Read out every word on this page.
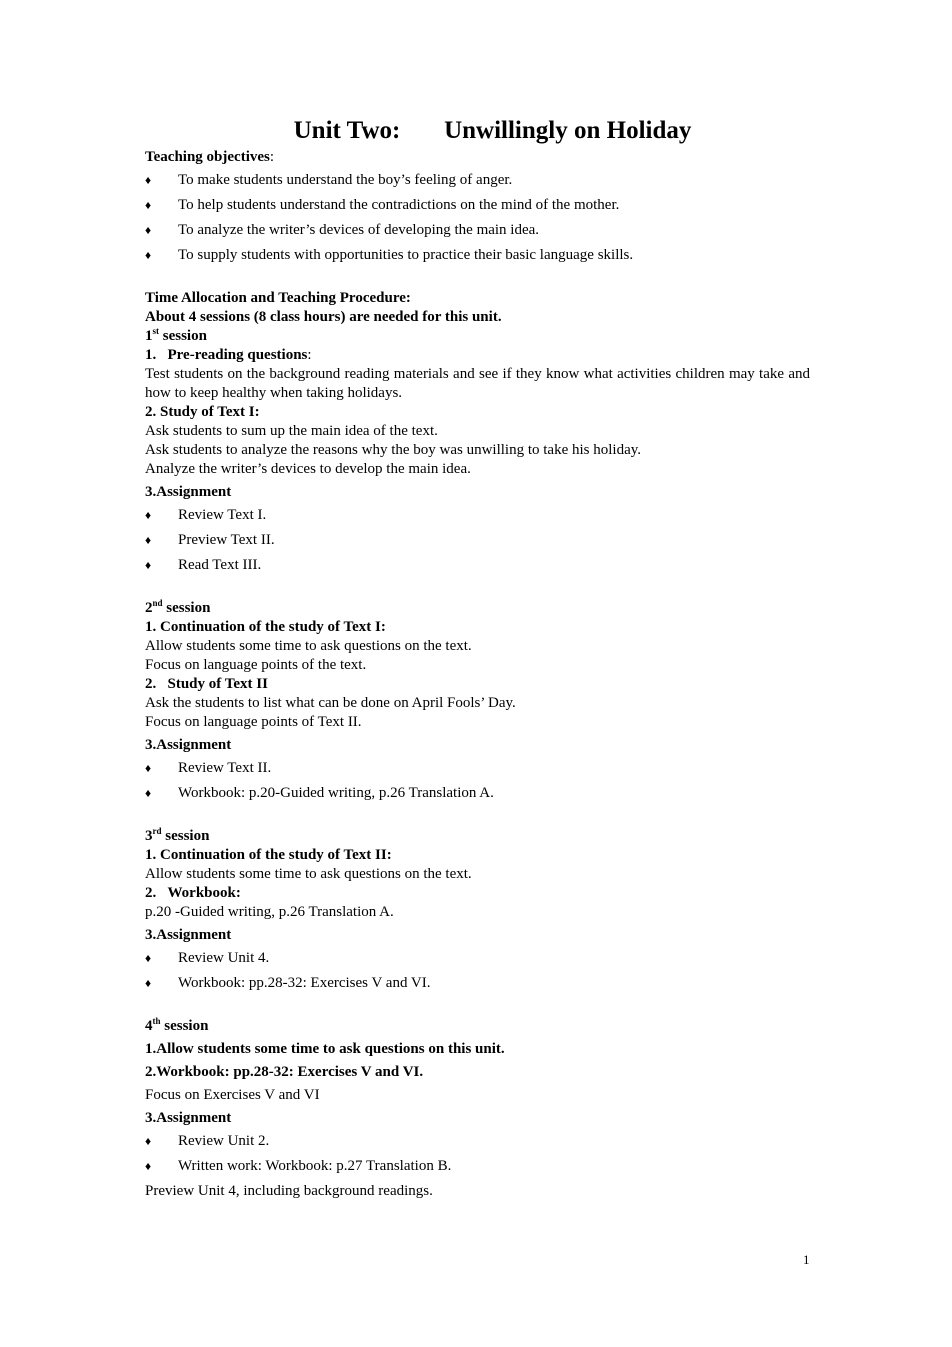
Unit Two:       Unwillingly on Holiday

Teaching objectives:

♦	To make students understand the boy’s feeling of anger.
♦	To help students understand the contradictions on the mind of the mother.
♦	To analyze the writer’s devices of developing the main idea.
♦	To supply students with opportunities to practice their basic language skills.

Time Allocation and Teaching Procedure:

About 4 sessions (8 class hours) are needed for this unit.

1st session

1.   Pre-reading questions:

Test students on the background reading materials and see if they know what activities children may take and how to keep healthy when taking holidays.

2. Study of Text I:

Ask students to sum up the main idea of the text.

Ask students to analyze the reasons why the boy was unwilling to take his holiday.

Analyze the writer’s devices to develop the main idea.

3.Assignment

♦	Review Text I.
♦	Preview Text II.
♦	Read Text III.

2nd session

1. Continuation of the study of Text I:

Allow students some time to ask questions on the text.

Focus on language points of the text.

2.   Study of Text II

Ask the students to list what can be done on April Fools’ Day.

Focus on language points of Text II.

3.Assignment

♦	Review Text II.
♦	Workbook: p.20-Guided writing, p.26 Translation A.

3rd session

1. Continuation of the study of Text II:

Allow students some time to ask questions on the text.

2.   Workbook:

p.20 -Guided writing, p.26 Translation A.

3.Assignment

♦	Review Unit 4.
♦	Workbook: pp.28-32: Exercises V and VI.

4th session

1.Allow students some time to ask questions on this unit.

2.Workbook: pp.28-32: Exercises V and VI.

Focus on Exercises V and VI

3.Assignment

♦	Review Unit 2.
♦	Written work: Workbook: p.27 Translation B.

Preview Unit 4, including background readings.

1
